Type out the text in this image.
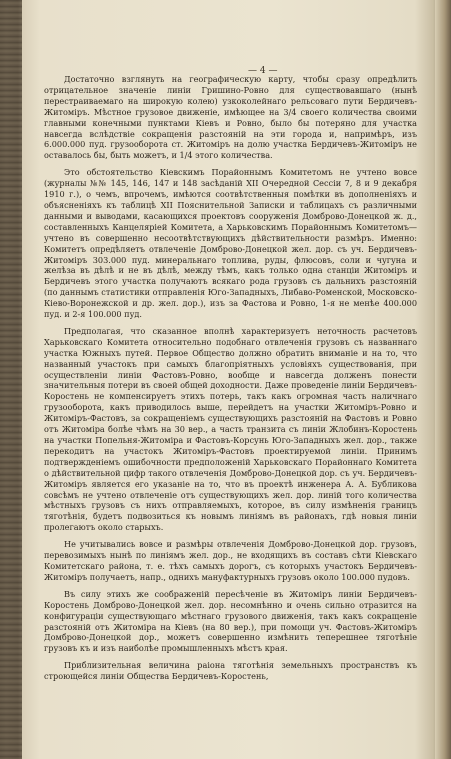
— 4 —

Достаточно взглянуть на географическую карту, чтобы сразу опредѣлить отрицательное значеніе линіи Гришино-Ровно для существовавшаго (нынѣ перестраиваемаго на широкую колею) узкоколейнаго рельсоваго пути Бердичевъ-Житоміръ. Мѣстное грузовое движеніе, имѣющее на 3/4 своего количества своими главными конечными пунктами Кіевъ и Ровно, было бы потеряно для участка навсегда вслѣдствіе сокращенія разстояній на эти города и, напримѣръ, изъ 6.000.000 пуд. грузооборота ст. Житоміръ на долю участка Бердичевъ-Житоміръ не оставалось бы, быть можетъ, и 1/4 этого количества.

Это обстоятельство Кіевскимъ Порайоннымъ Комитетомъ не учтено вовсе (журналы №№ 145, 146, 147 и 148 засѣданій XII Очередной Сессіи 7, 8 и 9 декабря 1910 г.), о чемъ, впрочемъ, имѣются соотвѣтственныя помѣтки въ дополненіяхъ и объясненіяхъ къ таблицѣ XII Пояснительной Записки и таблицахъ съ различными данными и выводами, касающихся проектовъ сооруженія Домброво-Донецкой ж. д., составленныхъ Канцеляріей Комитета, а Харьковскимъ Порайоннымъ Комитетомъ—учтено въ совершенно несоотвѣтствующихъ дѣйствительности размѣръ. Именно: Комитетъ опредѣляетъ отвлеченіе Домброво-Донецкой жел. дор. съ уч. Бердичевъ-Житоміръ 303.000 пуд. минеральнаго топлива, руды, флюсовъ, соли и чугуна и желѣза въ дѣлѣ и не въ дѣлѣ, между тѣмъ, какъ только одна станціи Житоміръ и Бердичевъ этого участка получаютъ всякаго рода грузовъ съ дальнихъ разстояній (по даннымъ статистики отправленія Юго-Западныхъ, Либаво-Роменской, Московско-Кіево-Воронежской и др. жел. дор.), изъ за Фастова и Ровно, 1-я не менѣе 400.000 пуд. и 2-я 100.000 пуд.

Предполагая, что сказанное вполнѣ характеризуетъ неточность расчетовъ Харьковскаго Комитета относительно подобнаго отвлеченія грузовъ съ названнаго участка Южныхъ путей. Первое Общество должно обратить вниманіе и на то, что названный участокъ при самыхъ благопріятныхъ условіяхъ существованія, при осуществленіи линіи Фастовъ-Ровно, вообще и навсегда долженъ понести значительныя потери въ своей общей доходности. Даже проведеніе линіи Бердичевъ-Коростень не компенсируетъ этихъ потерь, такъ какъ огромная часть наличнаго грузооборота, какъ приводилось выше, перейдетъ на участки Житоміръ-Ровно и Житоміръ-Фастовъ, за сокращеніемъ существующихъ разстояній на Фастовъ и Ровно отъ Житоміра болѣе чѣмъ на 30 вер., а часть транзита съ линіи Жлобинъ-Коростень на участки Попельня-Житоміра и Фастовъ-Корсунь Юго-Западныхъ жел. дор., также перекодитъ на участокъ Житоміръ-Фастовъ проектируемой линіи. Принимъ подтвержденіемъ ошибочности предположеній Харьковскаго Порайоннаго Комитета о дѣйствительной цифр такого отвлеченія Домброво-Донецкой дор. съ уч. Бердичевъ-Житоміръ является его указаніе на то, что въ проектѣ инженера А. А. Бубликова совсѣмъ не учтено отвлеченіе отъ существующихъ жел. дор. линій того количества мѣстныхъ грузовъ съ нихъ отправляемыхъ, которое, въ силу измѣненія границъ тяготѣнія, будетъ подвозиться къ новымъ линіямъ въ районахъ, гдѣ новыя линіи пролегаютъ около старыхъ.

Не учитывались вовсе и размѣры отвлеченія Домброво-Донецкой дор. грузовъ, перевозимыхъ нынѣ по линіямъ жел. дор., не входящихъ въ составъ сѣти Кіевскаго Комитетскаго района, т. е. тѣхъ самыхъ дорогъ, съ которыхъ участокъ Бердичевъ-Житоміръ получаетъ, напр., однихъ мануфактурныхъ грузовъ около 100.000 пудовъ.

Въ силу этихъ же соображеній пересѣченіе въ Житоміръ линіи Бердичевъ-Коростень Домброво-Донецкой жел. дор. несомнѣнно и очень сильно отразится на конфигураціи существующаго мѣстнаго грузового движенія, такъ какъ сокращеніе разстояній отъ Житоміра на Кіевъ (на 80 вер.), при помощи уч. Фастовъ-Житоміръ Домброво-Донецкой дор., можетъ совершенно измѣнить теперешнее тяготѣніе грузовъ къ и изъ наиболѣе промышленныхъ мѣстъ края.

Приблизительная величина раіона тяготѣнія земельныхъ пространствъ къ строющейся линіи Общества Бердичевъ-Коростень,
